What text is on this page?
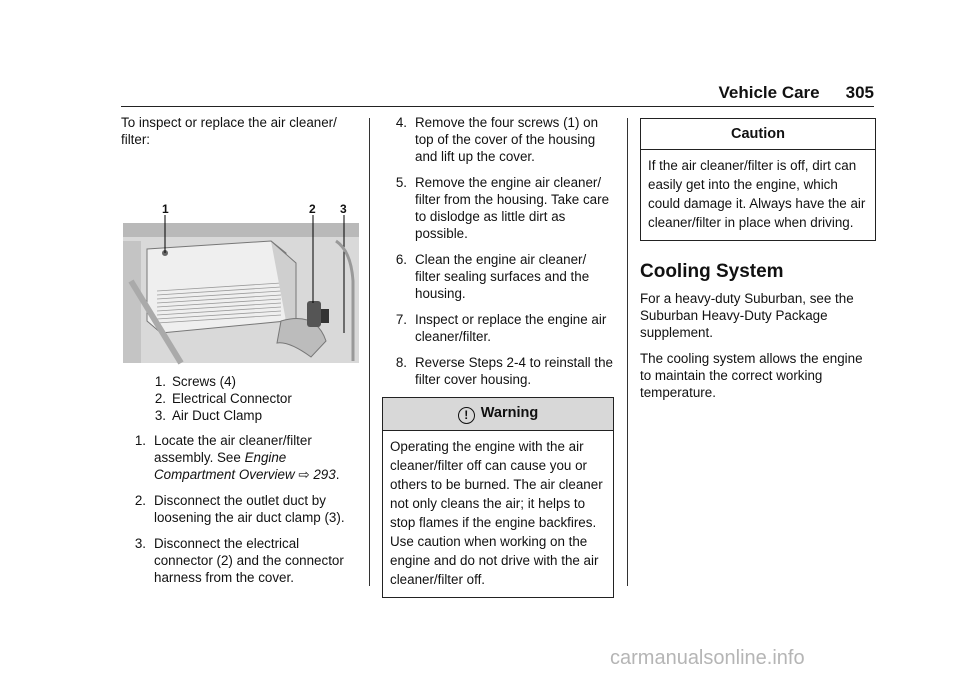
Vehicle Care 305

To inspect or replace the air cleaner/ filter:

1	2 3
1. Screws (4)
2. Electrical Connector
3. Air Duct Clamp
1. Locate the air cleaner/filter assembly. See Engine Compartment Overview ⇨ 293.
2. Disconnect the outlet duct by loosening the air duct clamp (3).
3. Disconnect the electrical connector (2) and the connector harness from the cover.
4. Remove the four screws (1) on top of the cover of the housing and lift up the cover.
5. Remove the engine air cleaner/ filter from the housing. Take care to dislodge as little dirt as possible.
6. Clean the engine air cleaner/ filter sealing surfaces and the housing.
7. Inspect or replace the engine air cleaner/filter.
8. Reverse Steps 2-4 to reinstall the filter cover housing.
! Warning
Operating the engine with the air cleaner/filter off can cause you or others to be burned. The air cleaner not only cleans the air; it helps to stop flames if the engine backfires. Use caution when working on the engine and do not drive with the air cleaner/filter off.
Caution
If the air cleaner/filter is off, dirt can easily get into the engine, which could damage it. Always have the air cleaner/filter in place when driving.
Cooling System

For a heavy-duty Suburban, see the Suburban Heavy-Duty Package supplement.

The cooling system allows the engine to maintain the correct working temperature.

carmanualsonline.info
